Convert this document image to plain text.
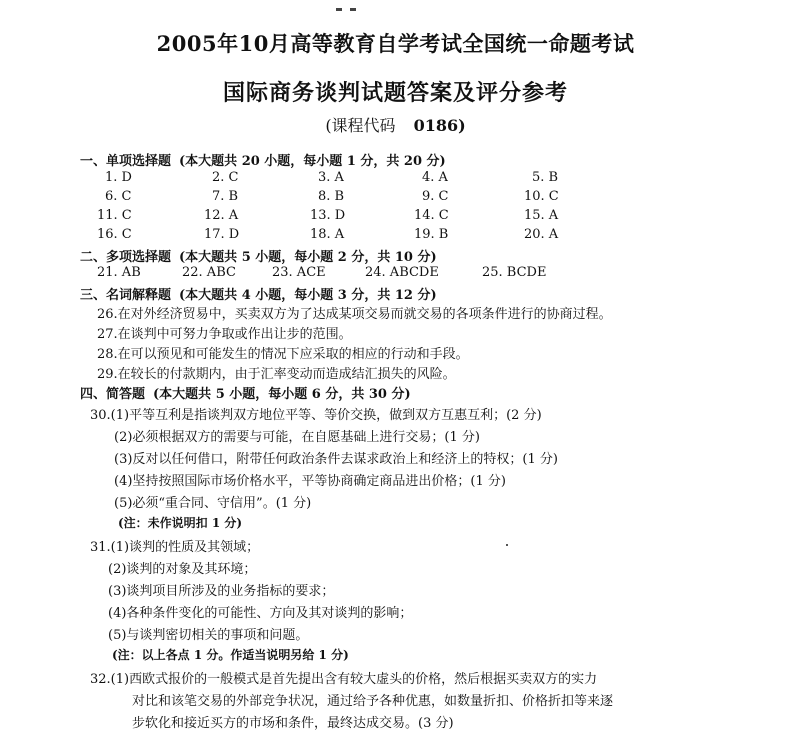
2005年10月高等教育自学考试全国统一命题考试
国际商务谈判试题答案及评分参考
(课程代码 0186)
一、单项选择题 (本大题共 20 小题，每小题 1 分，共 20 分)
1. D	2. C	3. A	4. A	5. B
6. C	7. B	8. B	9. C	10. C
11. C	12. A	13. D	14. C	15. A
16. C	17. D	18. A	19. B	20. A
二、多项选择题 (本大题共 5 小题，每小题 2 分，共 10 分)
21. AB	22. ABC	23. ACE	24. ABCDE	25. BCDE
三、名词解释题 (本大题共 4 小题，每小题 3 分，共 12 分)
26.在对外经济贸易中，买卖双方为了达成某项交易而就交易的各项条件进行的协商过程。
27.在谈判中可努力争取或作出让步的范围。
28.在可以预见和可能发生的情况下应采取的相应的行动和手段。
29.在较长的付款期内，由于汇率变动而造成结汇损失的风险。
四、简答题 (本大题共 5 小题，每小题 6 分，共 30 分)
30.(1)平等互利是指谈判双方地位平等、等价交换，做到双方互惠互利；(2 分)
(2)必须根据双方的需要与可能，在自愿基础上进行交易；(1 分)
(3)反对以任何借口，附带任何政治条件去谋求政治上和经济上的特权；(1 分)
(4)坚持按照国际市场价格水平，平等协商确定商品进出价格；(1 分)
(5)必须“重合同、守信用”。(1 分)
(注：未作说明扣 1 分)
31.(1)谈判的性质及其领域；
(2)谈判的对象及其环境；
(3)谈判项目所涉及的业务指标的要求；
(4)各种条件变化的可能性、方向及其对谈判的影响；
(5)与谈判密切相关的事项和问题。
(注：以上各点 1 分。作适当说明另给 1 分)
32.(1)西欧式报价的一般模式是首先提出含有较大虚头的价格，然后根据买卖双方的实力
对比和该笔交易的外部竞争状况，通过给予各种优惠，如数量折扣、价格折扣等来逐
步软化和接近买方的市场和条件，最终达成交易。(3 分)
